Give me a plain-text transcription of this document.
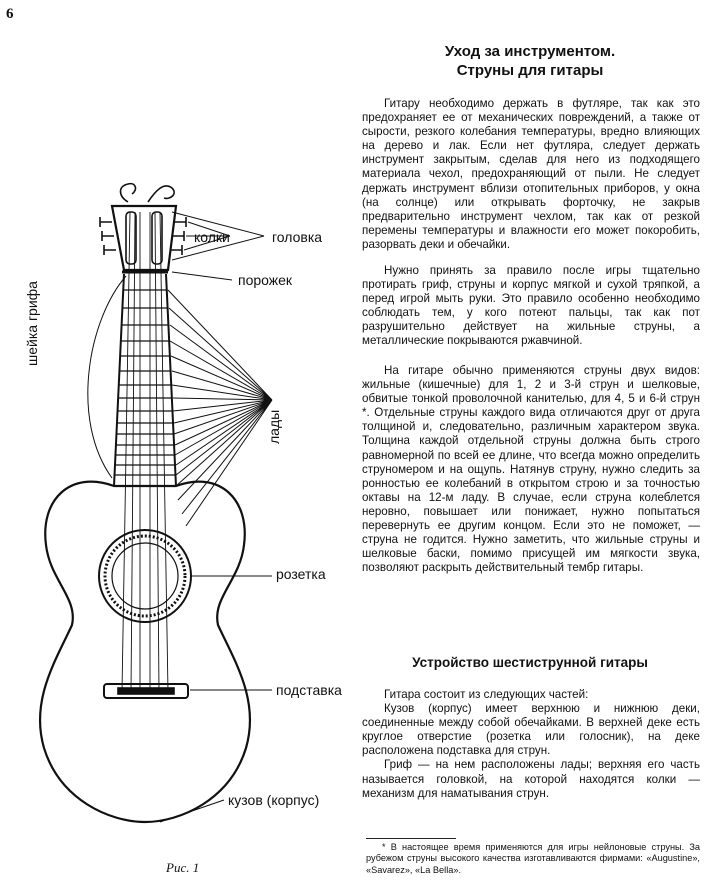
6
колки	головка
порожек
шейка грифа
лады
розетка
подставка
кузов (корпус)
Рис. 1
Уход за инструментом.
Струны для гитары

Гитару необходимо держать в футляре, так как это предохраняет ее от механических повреждений, а также от сырости, резкого колебания температуры, вредно влияющих на дерево и лак. Если нет футляра, следует держать инструмент закрытым, сделав для него из подходящего материала чехол, предохраняющий от пыли. Не следует держать инструмент вблизи отопительных приборов, у окна (на солнце) или открывать форточку, не закрыв предварительно инструмент чехлом, так как от резкой перемены температуры и влажности его может покоробить, разорвать деки и обечайки.

Нужно принять за правило после игры тщательно протирать гриф, струны и корпус мягкой и сухой тряпкой, а перед игрой мыть руки. Это правило особенно необходимо соблюдать тем, у кого потеют пальцы, так как пот разрушительно действует на жильные струны, а металлические покрываются ржавчиной.

На гитаре обычно применяются струны двух видов: жильные (кишечные) для 1, 2 и 3-й струн и шелковые, обвитые тонкой проволочной канителью, для 4, 5 и 6-й струн *. Отдельные струны каждого вида отличаются друг от друга толщиной и, следовательно, различным характером звука. Толщина каждой отдельной струны должна быть строго равномерной по всей ее длине, что всегда можно определить струномером и на ощупь. Натянув струну, нужно следить за ронностью ее колебаний в открытом строю и за точностью октавы на 12-м ладу. В случае, если струна колеблется неровно, повышает или понижает, нужно попытаться перевернуть ее другим концом. Если это не поможет, — струна не годится. Нужно заметить, что жильные струны и шелковые баски, помимо присущей им мягкости звука, позволяют раскрыть действительный тембр гитары.

Устройство шестиструнной гитары

Гитара состоит из следующих частей:

Кузов (корпус) имеет верхнюю и нижнюю деки, соединенные между собой обечайками. В верхней деке есть круглое отверстие (розетка или голосник), на деке расположена подставка для струн.

Гриф — на нем расположены лады; верхняя его часть называется головкой, на которой находятся колки — механизм для наматывания струн.

* В настоящее время применяются для игры нейлоновые струны. За рубежом струны высокого качества изготавливаются фирмами: «Augustine», «Savarez», «La Bella».
